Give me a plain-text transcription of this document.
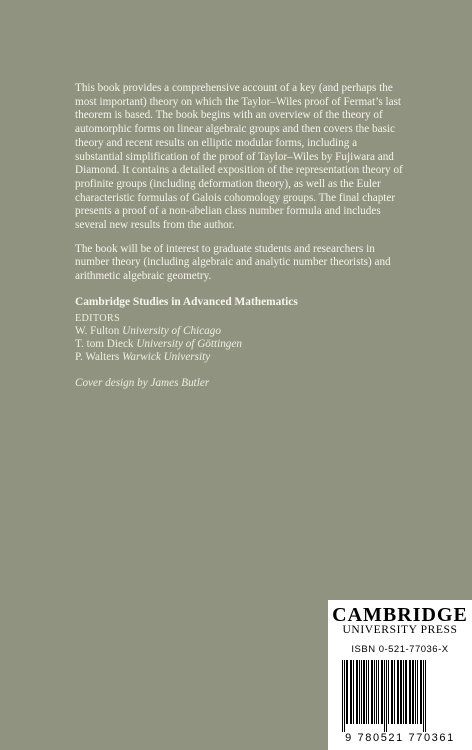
This book provides a comprehensive account of a key (and perhaps the most important) theory on which the Taylor–Wiles proof of Fermat’s last theorem is based. The book begins with an overview of the theory of automorphic forms on linear algebraic groups and then covers the basic theory and recent results on elliptic modular forms, including a substantial simplification of the proof of Taylor–Wiles by Fujiwara and Diamond. It contains a detailed exposition of the representation theory of profinite groups (including deformation theory), as well as the Euler characteristic formulas of Galois cohomology groups. The final chapter presents a proof of a non-abelian class number formula and includes several new results from the author.

The book will be of interest to graduate students and researchers in number theory (including algebraic and analytic number theorists) and arithmetic algebraic geometry.

Cambridge Studies in Advanced Mathematics
EDITORS
W. Fulton University of Chicago
T. tom Dieck University of Göttingen
P. Walters Warwick University
Cover design by James Butler
CAMBRIDGE
UNIVERSITY PRESS
ISBN 0-521-77036-X
9 780521 770361
